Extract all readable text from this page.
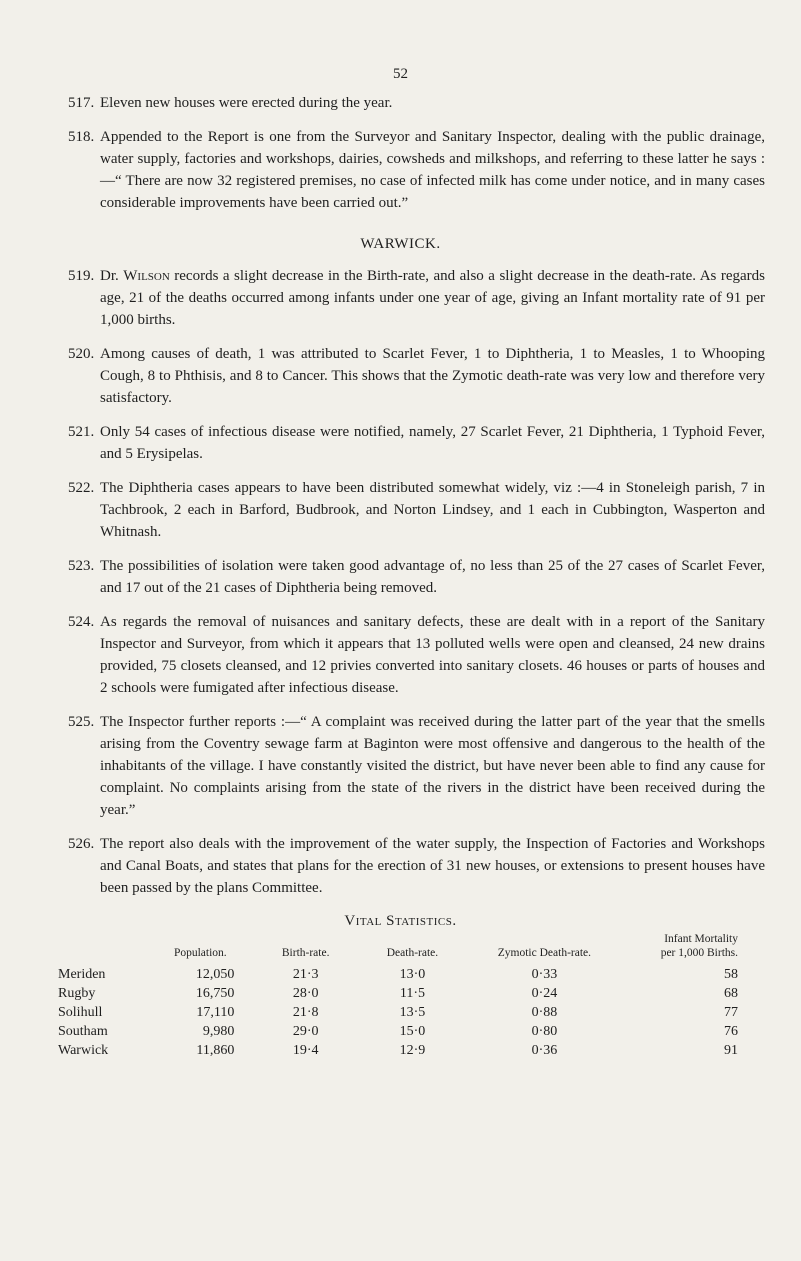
52
517. Eleven new houses were erected during the year.
518. Appended to the Report is one from the Surveyor and Sanitary Inspector, dealing with the public drainage, water supply, factories and workshops, dairies, cowsheds and milkshops, and referring to these latter he says :—“ There are now 32 registered premises, no case of infected milk has come under notice, and in many cases considerable improvements have been carried out.”
WARWICK.
519. Dr. Wilson records a slight decrease in the Birth-rate, and also a slight decrease in the death-rate. As regards age, 21 of the deaths occurred among infants under one year of age, giving an Infant mortality rate of 91 per 1,000 births.
520. Among causes of death, 1 was attributed to Scarlet Fever, 1 to Diphtheria, 1 to Measles, 1 to Whooping Cough, 8 to Phthisis, and 8 to Cancer. This shows that the Zymotic death-rate was very low and therefore very satisfactory.
521. Only 54 cases of infectious disease were notified, namely, 27 Scarlet Fever, 21 Diphtheria, 1 Typhoid Fever, and 5 Erysipelas.
522. The Diphtheria cases appears to have been distributed somewhat widely, viz :—4 in Stoneleigh parish, 7 in Tachbrook, 2 each in Barford, Budbrook, and Norton Lindsey, and 1 each in Cubbington, Wasperton and Whitnash.
523. The possibilities of isolation were taken good advantage of, no less than 25 of the 27 cases of Scarlet Fever, and 17 out of the 21 cases of Diphtheria being removed.
524. As regards the removal of nuisances and sanitary defects, these are dealt with in a report of the Sanitary Inspector and Surveyor, from which it appears that 13 polluted wells were open and cleansed, 24 new drains provided, 75 closets cleansed, and 12 privies converted into sanitary closets. 46 houses or parts of houses and 2 schools were fumigated after infectious disease.
525. The Inspector further reports :—“ A complaint was received during the latter part of the year that the smells arising from the Coventry sewage farm at Baginton were most offensive and dangerous to the health of the inhabitants of the village. I have constantly visited the district, but have never been able to find any cause for complaint. No complaints arising from the state of the rivers in the district have been received during the year.”
526. The report also deals with the improvement of the water supply, the Inspection of Factories and Workshops and Canal Boats, and states that plans for the erection of 31 new houses, or extensions to present houses have been passed by the plans Committee.
Vital Statistics.
	Population.	Birth-rate.	Death-rate.	Zymotic Death-rate.	Infant Mortality
per 1,000 Births.
Meriden	12,050	21·3	13·0	0·33	58
Rugby	16,750	28·0	11·5	0·24	68
Solihull	17,110	21·8	13·5	0·88	77
Southam	9,980	29·0	15·0	0·80	76
Warwick	11,860	19·4	12·9	0·36	91
